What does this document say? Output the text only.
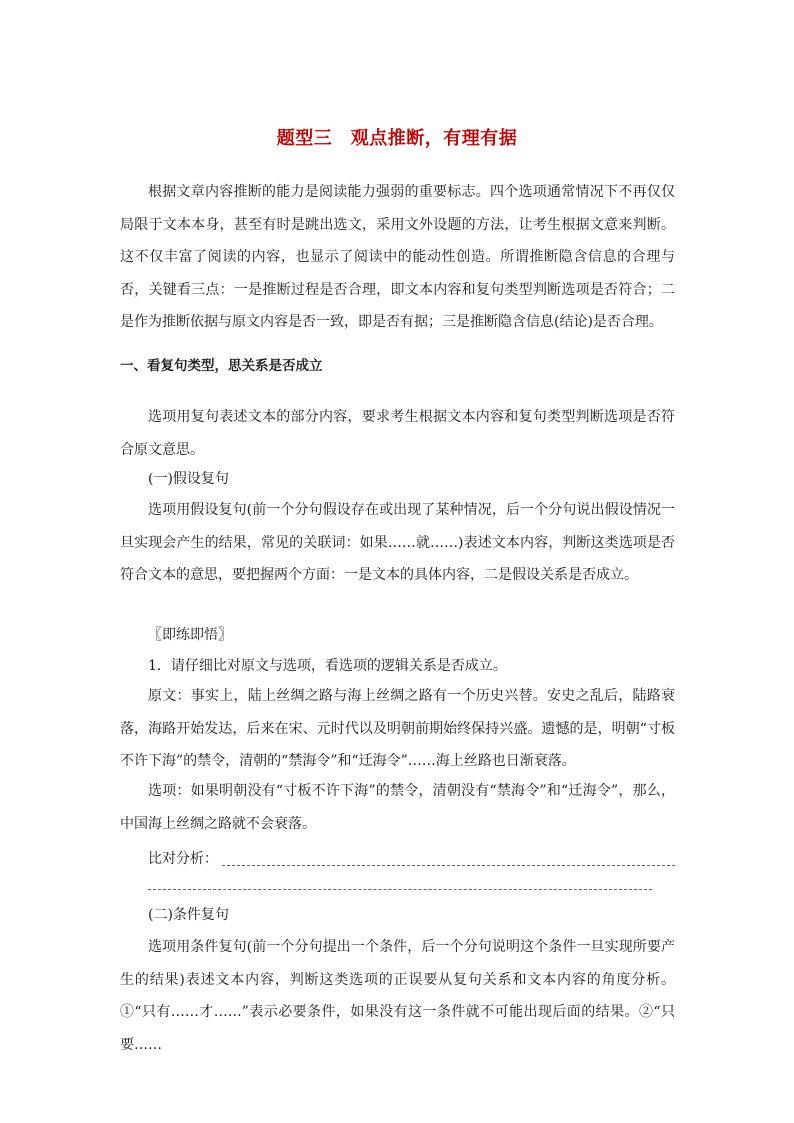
题型三　观点推断，有理有据

根据文章内容推断的能力是阅读能力强弱的重要标志。四个选项通常情况下不再仅仅局限于文本本身，甚至有时是跳出选文，采用文外设题的方法，让考生根据文意来判断。这不仅丰富了阅读的内容，也显示了阅读中的能动性创造。所谓推断隐含信息的合理与否，关键看三点：一是推断过程是否合理，即文本内容和复句类型判断选项是否符合；二是作为推断依据与原文内容是否一致，即是否有据；三是推断隐含信息(结论)是否合理。

一、看复句类型，思关系是否成立

选项用复句表述文本的部分内容，要求考生根据文本内容和复句类型判断选项是否符合原文意思。

(一)假设复句

选项用假设复句(前一个分句假设存在或出现了某种情况，后一个分句说出假设情况一旦实现会产生的结果，常见的关联词：如果……就……)表述文本内容，判断这类选项是否符合文本的意思，要把握两个方面：一是文本的具体内容，二是假设关系是否成立。

〖即练即悟〗
1．请仔细比对原文与选项，看选项的逻辑关系是否成立。

原文：事实上，陆上丝绸之路与海上丝绸之路有一个历史兴替。安史之乱后，陆路衰落，海路开始发达，后来在宋、元时代以及明朝前期始终保持兴盛。遗憾的是，明朝“寸板不许下海”的禁令，清朝的“禁海令”和“迁海令”……海上丝路也日渐衰落。

选项：如果明朝没有“寸板不许下海”的禁令，清朝没有“禁海令”和“迁海令”，那么，中国海上丝绸之路就不会衰落。

比对分析：
(二)条件复句

选项用条件复句(前一个分句提出一个条件，后一个分句说明这个条件一旦实现所要产生的结果)表述文本内容，判断这类选项的正误要从复句关系和文本内容的角度分析。①“只有……才……”表示必要条件，如果没有这一条件就不可能出现后面的结果。②“只要……
